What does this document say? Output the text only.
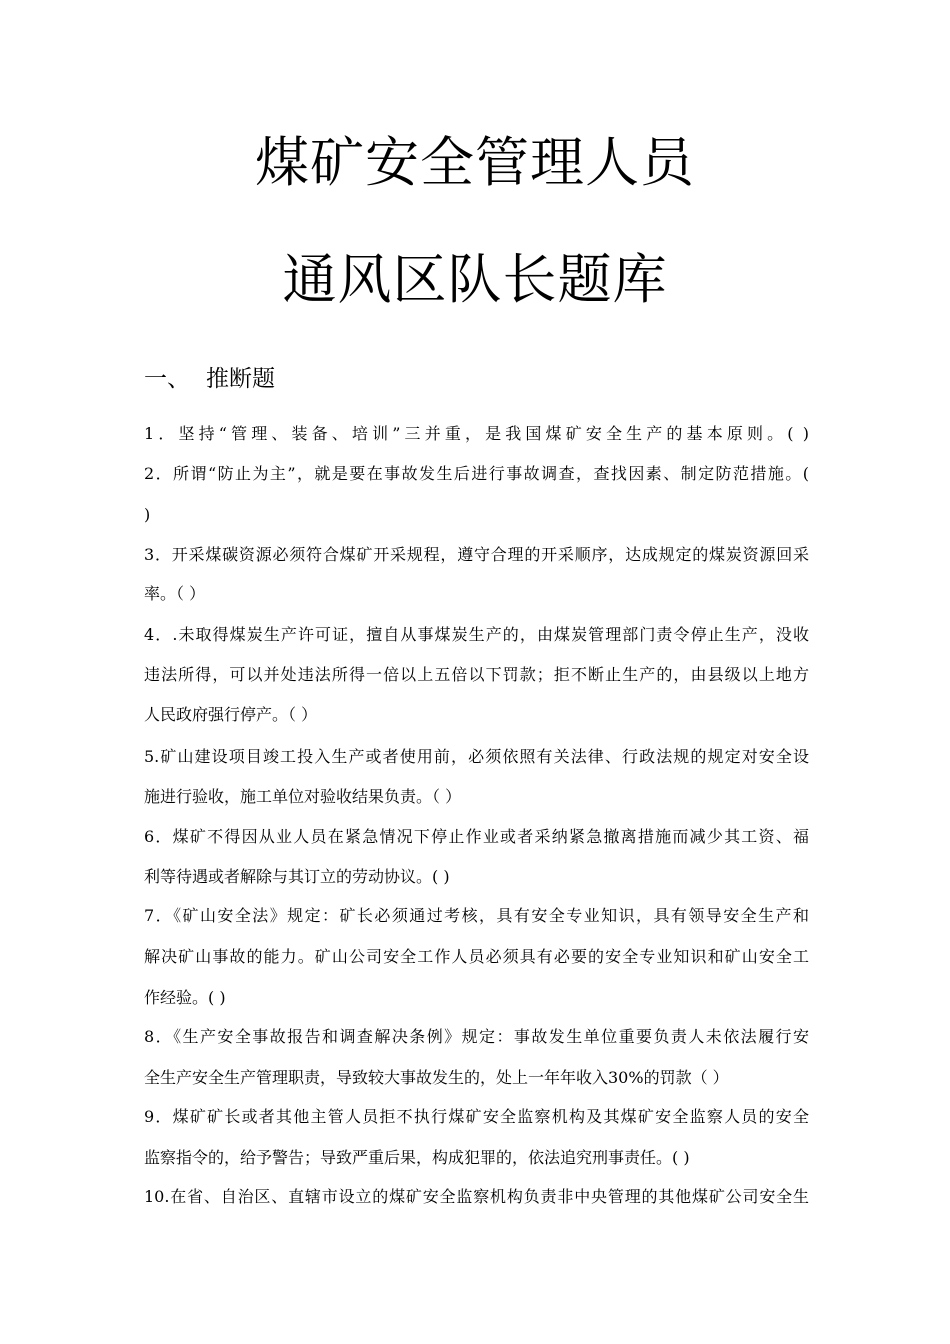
煤矿安全管理人员
通风区队长题库
一、 推断题
1．坚持“管理、装备、培训”三并重，是我国煤矿安全生产的基本原则。( )
2．所谓“防止为主”，就是要在事故发生后进行事故调查，查找因素、制定防范措施。(
)
3．开采煤碳资源必须符合煤矿开采规程，遵守合理的开采顺序，达成规定的煤炭资源回采
率。（ ）
4．.未取得煤炭生产许可证，擅自从事煤炭生产的，由煤炭管理部门责令停止生产，没收
违法所得，可以并处违法所得一倍以上五倍以下罚款；拒不断止生产的，由县级以上地方
人民政府强行停产。（ ）
5.矿山建设项目竣工投入生产或者使用前，必须依照有关法律、行政法规的规定对安全设
施进行验收，施工单位对验收结果负责。（ ）
6．煤矿不得因从业人员在紧急情况下停止作业或者采纳紧急撤离措施而减少其工资、福
利等待遇或者解除与其订立的劳动协议。( )
7．《矿山安全法》规定：矿长必须通过考核，具有安全专业知识，具有领导安全生产和
解决矿山事故的能力。矿山公司安全工作人员必须具有必要的安全专业知识和矿山安全工
作经验。( )
8．《生产安全事故报告和调查解决条例》规定：事故发生单位重要负责人未依法履行安
全生产安全生产管理职责，导致较大事故发生的，处上一年年收入30%的罚款（ ）
9．煤矿矿长或者其他主管人员拒不执行煤矿安全监察机构及其煤矿安全监察人员的安全
监察指令的，给予警告；导致严重后果，构成犯罪的，依法追究刑事责任。( )
10.在省、自治区、直辖市设立的煤矿安全监察机构负责非中央管理的其他煤矿公司安全生
